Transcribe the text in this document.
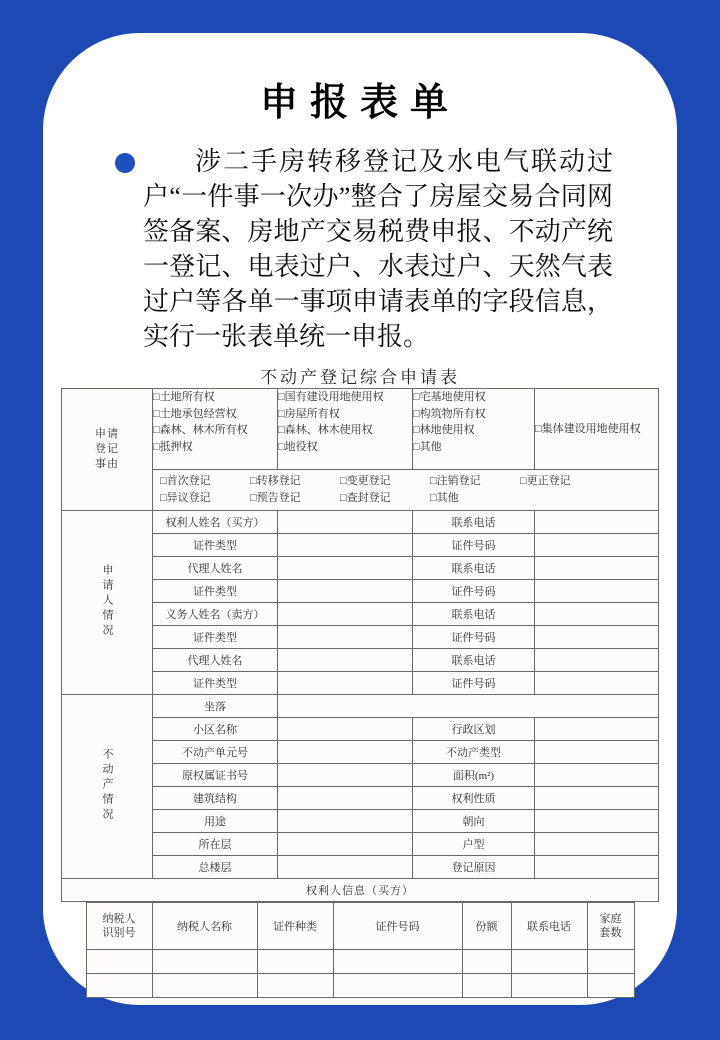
申报表单

涉二手房转移登记及水电气联动过户“一件事一次办”整合了房屋交易合同网签备案、房地产交易税费申报、不动产统一登记、电表过户、水表过户、天然气表过户等各单一事项申请表单的字段信息，实行一张表单统一申报。

不动产登记综合申请表
申请登记事由	
□土地所有权
□土地承包经营权
□森林、林木所有权
□抵押权

□国有建设用地使用权
□房屋所有权
□森林、林木使用权
□地役权

□宅基地使用权
□构筑物所有权
□林地使用权
□其他

□集体建设用地使用权

□首次登记	□转移登记	□变更登记	□注销登记	□更正登记
□异议登记	□预告登记	□查封登记	□其他

申请人情况	权利人姓名（买方）		联系电话	
	证件类型		证件号码	
	代理人姓名		联系电话	
	证件类型		证件号码	
	义务人姓名（卖方）		联系电话	
	证件类型		证件号码	
	代理人姓名		联系电话	
	证件类型		证件号码	
不动产情况	坐落			
	小区名称		行政区划	
	不动产单元号		不动产类型	
	原权属证书号		面积(m²)	
	建筑结构		权利性质	
	用途		朝向	
	所在层		户型	
	总楼层		登记原因	
权利人信息（买方）				
纳税人识别号	纳税人名称	证件种类	证件号码	份额	联系电话	家庭套数
